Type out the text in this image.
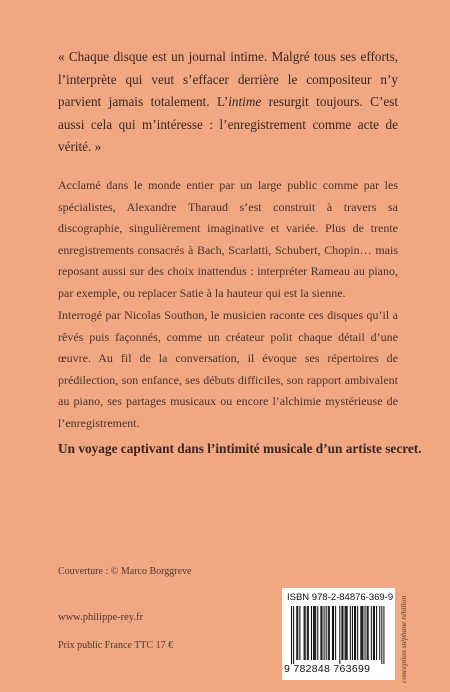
« Chaque disque est un journal intime. Malgré tous ses efforts, l’interprète qui veut s’effacer derrière le compositeur n’y parvient jamais totalement. L’intime resurgit toujours. C’est aussi cela qui m’intéresse : l’enregistrement comme acte de vérité. »
Acclamé dans le monde entier par un large public comme par les spécialistes, Alexandre Tharaud s’est construit à travers sa discographie, singulièrement imaginative et variée. Plus de trente enregistrements consacrés à Bach, Scarlatti, Schubert, Chopin… mais reposant aussi sur des choix inattendus : interpréter Rameau au piano, par exemple, ou replacer Satie à la hauteur qui est la sienne.
Interrogé par Nicolas Southon, le musicien raconte ces disques qu’il a rêvés puis façonnés, comme un créateur polit chaque détail d’une œuvre. Au fil de la conversation, il évoque ses répertoires de prédilection, son enfance, ses débuts difficiles, son rapport ambivalent au piano, ses partages musicaux ou encore l’alchimie mystérieuse de l’enregistrement.
Un voyage captivant dans l’intimité musicale d’un artiste secret.
Couverture : © Marco Borggreve
www.philippe-rey.fr
Prix public France TTC 17 €
ISBN 978-2-84876-369-9
9 782848 763699	conception stéphane rébillon
